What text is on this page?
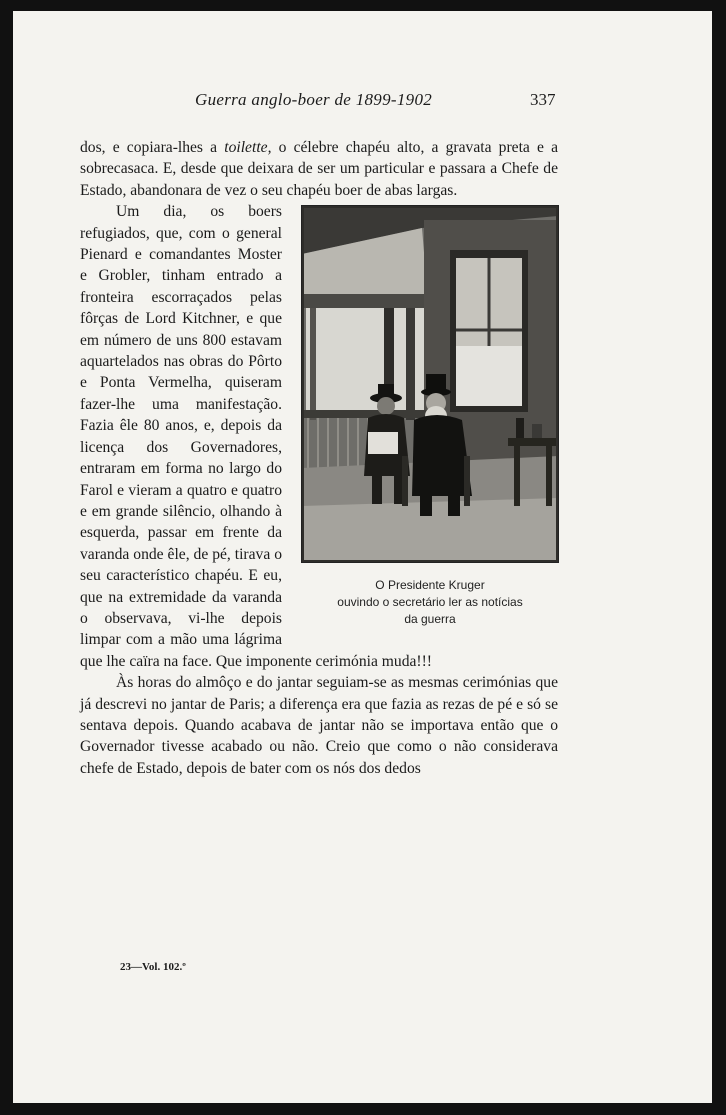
Guerra anglo-boer de 1899-1902	337

dos, e copiara-lhes a toilette, o célebre chapéu alto, a gravata preta e a sobrecasaca. E, desde que deixara de ser um particular e passara a Chefe de Estado, abandonara de vez o seu chapéu boer de abas largas.

O Presidente Kruger
ouvindo o secretário ler as notícias
da guerra

Um dia, os boers refugiados, que, com o general Pienard e comandantes Moster e Grobler, tinham entrado a fronteira escorraçados pelas fôrças de Lord Kitchner, e que em número de uns 800 estavam aquartelados nas obras do Pôrto e Ponta Vermelha, quiseram fazer-lhe uma manifestação. Fazia êle 80 anos, e, depois da licença dos Governadores, entraram em forma no largo do Farol e vieram a quatro e quatro e em grande silêncio, olhando à esquerda, passar em frente da varanda onde êle, de pé, tirava o seu característico chapéu. E eu, que na extremidade da varanda o observava, vi-lhe depois limpar com a mão uma lágrima que lhe caïra na face. Que imponente cerimónia muda!!!

Às horas do almôço e do jantar seguiam-se as mesmas cerimónias que já descrevi no jantar de Paris; a diferença era que fazia as rezas de pé e só se sentava depois. Quando acabava de jantar não se importava então que o Governador tivesse acabado ou não. Creio que como o não considerava chefe de Estado, depois de bater com os nós dos dedos

23—Vol. 102.º
